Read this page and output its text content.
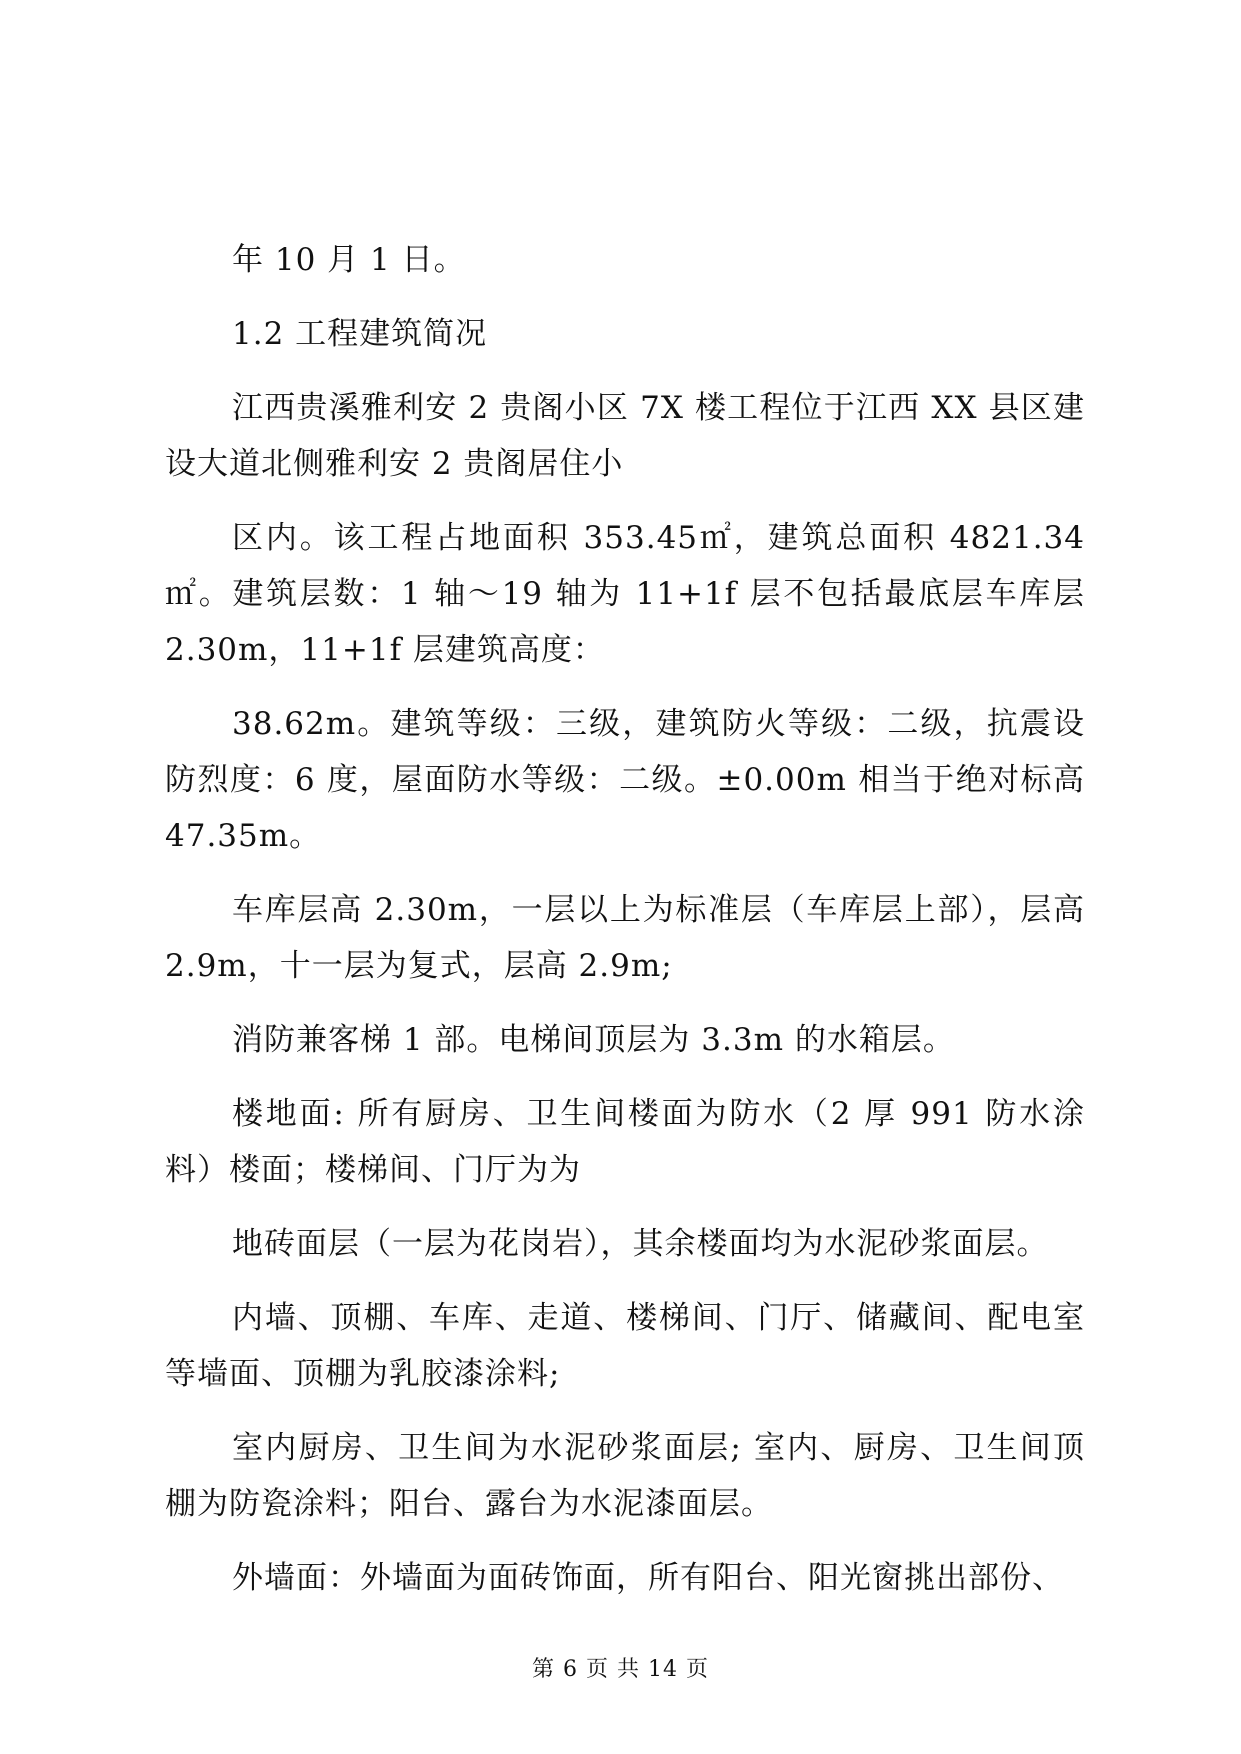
年 10 月 1 日。

1.2 工程建筑简况

江西贵溪雅利安 2 贵阁小区 7X 楼工程位于江西 XX 县区建设大道北侧雅利安 2 贵阁居住小

区内。该工程占地面积 353.45㎡，建筑总面积 4821.34㎡。建筑层数：1 轴～19 轴为 11+1f 层不包括最底层车库层 2.30m，11+1f 层建筑高度：

38.62m。建筑等级：三级，建筑防火等级：二级，抗震设防烈度：6 度，屋面防水等级：二级。±0.00m 相当于绝对标高 47.35m。

车库层高 2.30m，一层以上为标准层（车库层上部），层高 2.9m，十一层为复式，层高 2.9m;

消防兼客梯 1 部。电梯间顶层为 3.3m 的水箱层。

楼地面: 所有厨房、卫生间楼面为防水（2 厚 991 防水涂料）楼面；楼梯间、门厅为为

地砖面层（一层为花岗岩），其余楼面均为水泥砂浆面层。

内墙、顶棚、车库、走道、楼梯间、门厅、储藏间、配电室等墙面、顶棚为乳胶漆涂料;

室内厨房、卫生间为水泥砂浆面层; 室内、厨房、卫生间顶棚为防瓷涂料；阳台、露台为水泥漆面层。

外墙面：外墙面为面砖饰面，所有阳台、阳光窗挑出部份、

第 6 页 共 14 页
